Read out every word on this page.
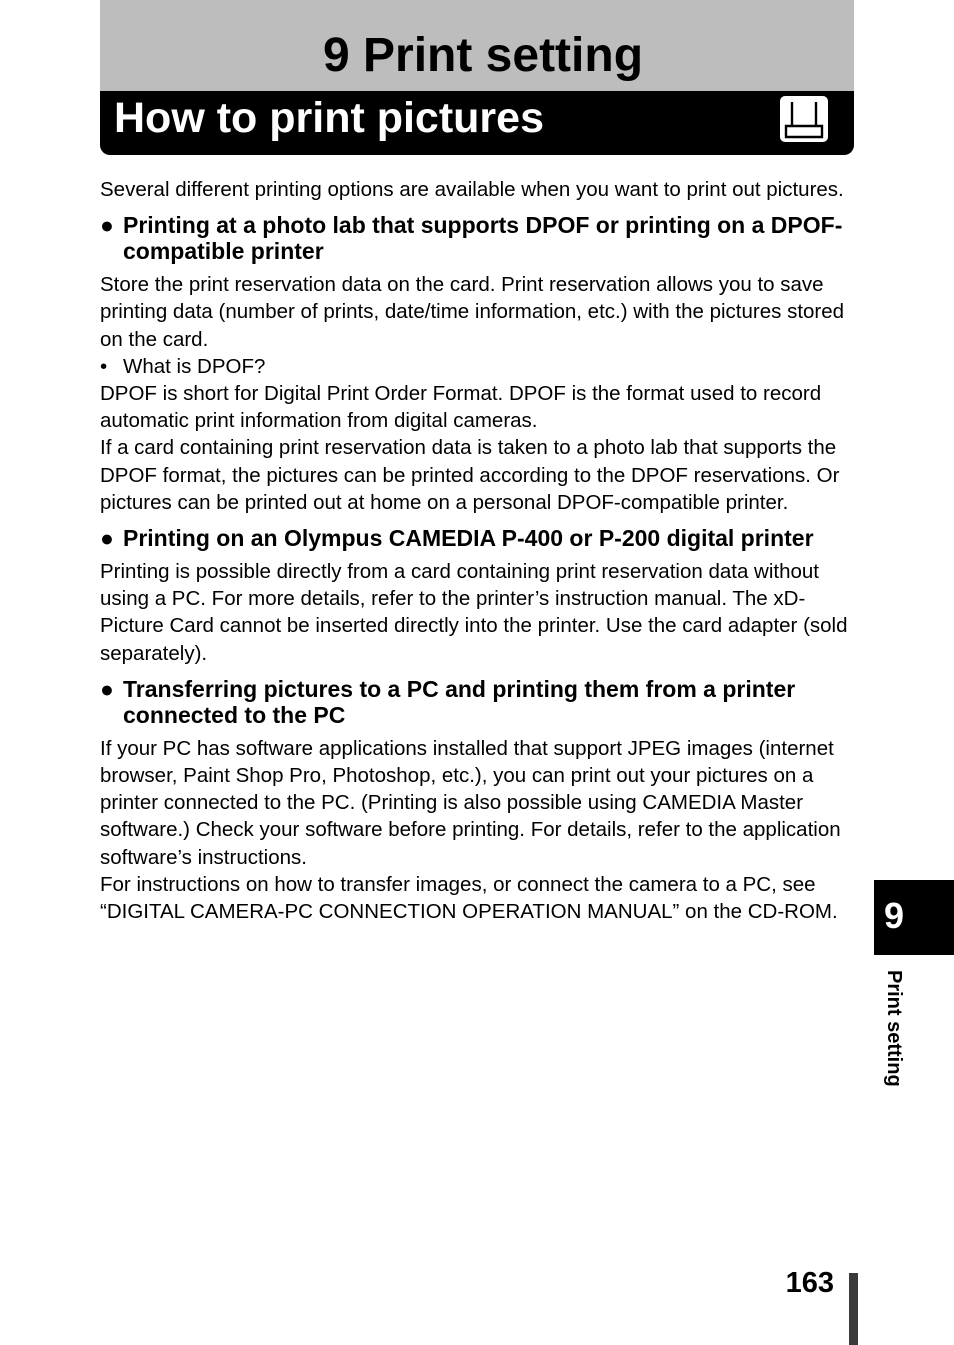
9 Print setting
How to print pictures

Several different printing options are available when you want to print out pictures.

● Printing at a photo lab that supports DPOF or printing on a DPOF-compatible printer

Store the print reservation data on the card. Print reservation allows you to save printing data (number of prints, date/time information, etc.) with the pictures stored on the card.

• What is DPOF?

DPOF is short for Digital Print Order Format. DPOF is the format used to record automatic print information from digital cameras.

If a card containing print reservation data is taken to a photo lab that supports the DPOF format, the pictures can be printed according to the DPOF reservations. Or pictures can be printed out at home on a personal DPOF-compatible printer.

● Printing on an Olympus CAMEDIA P-400 or P-200 digital printer

Printing is possible directly from a card containing print reservation data without using a PC. For more details, refer to the printer’s instruction manual. The xD-Picture Card cannot be inserted directly into the printer. Use the card adapter (sold separately).

● Transferring pictures to a PC and printing them from a printer connected to the PC

If your PC has software applications installed that support JPEG images (internet browser, Paint Shop Pro, Photoshop, etc.), you can print out your pictures on a printer connected to the PC. (Printing is also possible using CAMEDIA Master software.) Check your software before printing. For details, refer to the application software’s instructions.

For instructions on how to transfer images, or connect the camera to a PC, see “DIGITAL CAMERA-PC CONNECTION OPERATION MANUAL” on the CD-ROM.	9
Print setting
163
